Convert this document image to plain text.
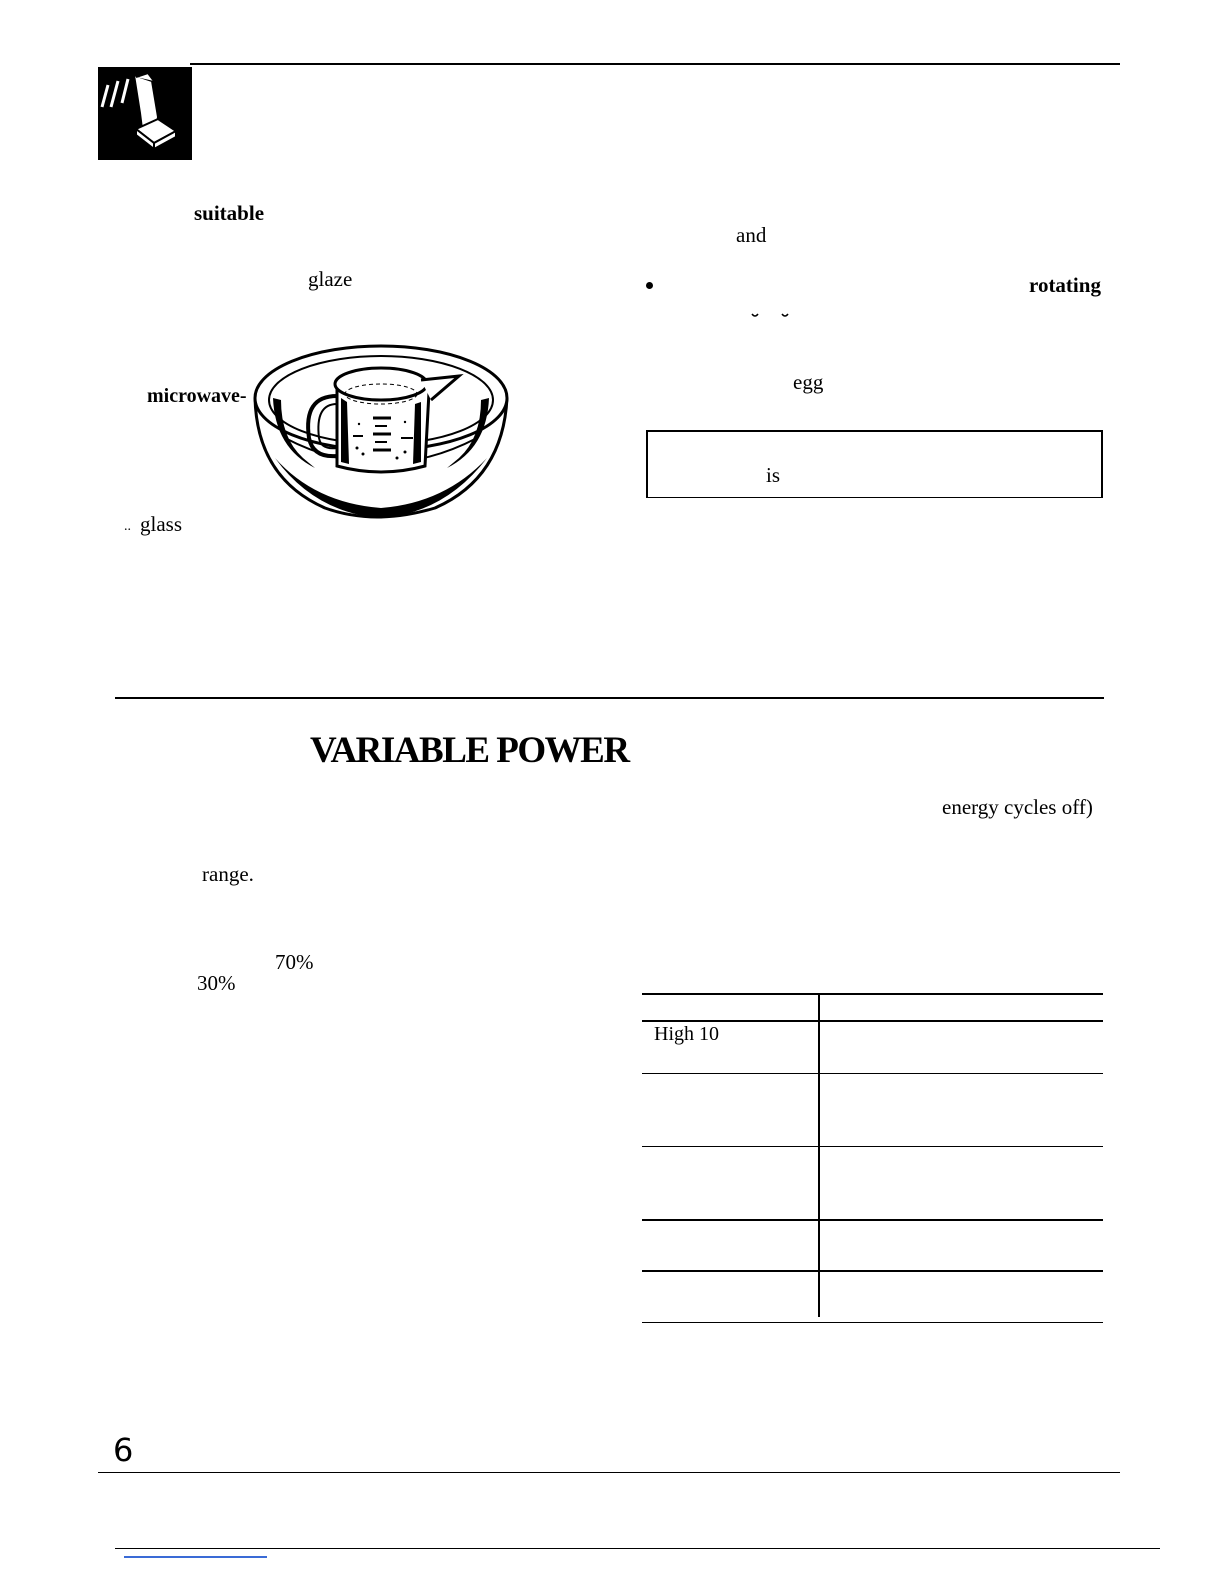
suitable
glaze
microwave-
.. glass
and
rotating
egg
is
VARIABLE POWER
energy cycles off)
range.
70%
30%
High 10
6
